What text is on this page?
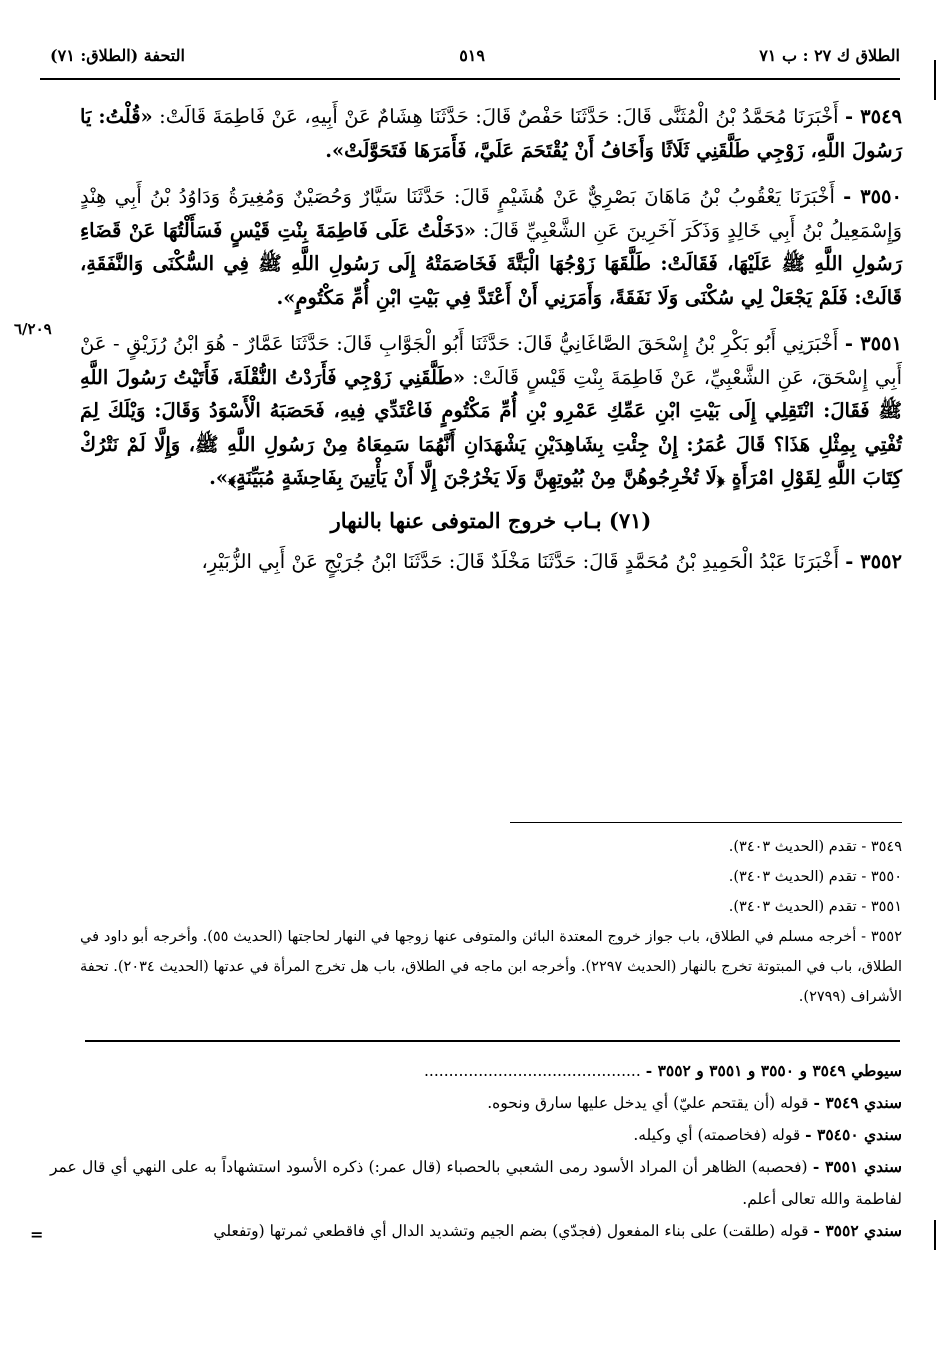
الطلاق ك ٢٧ : ب ٧١
٥١٩
التحفة (الطلاق: ٧١)
٦/٢٠٩

٣٥٤٩ - أَخْبَرَنَا مُحَمَّدُ بْنُ الْمُثَنَّى قَالَ: حَدَّثَنَا حَفْصٌ قَالَ: حَدَّثَنَا هِشَامٌ عَنْ أَبِيهِ، عَنْ فَاطِمَةَ قَالَتْ: «قُلْتُ: يَا رَسُولَ اللَّهِ، زَوْجِي طَلَّقَنِي ثَلَاثًا وَأَخَافُ أَنْ يُقْتَحَمَ عَلَيَّ، فَأَمَرَهَا فَتَحَوَّلَتْ».

٣٥٥٠ - أَخْبَرَنَا يَعْقُوبُ بْنُ مَاهَانَ بَصْرِيٌّ عَنْ هُشَيْمٍ قَالَ: حَدَّثَنَا سَيَّارٌ وَحُصَيْنٌ وَمُغِيرَةُ وَدَاوُدُ بْنُ أَبِي هِنْدٍ وَإِسْمَعِيلُ بْنُ أَبِي خَالِدٍ وَذَكَرَ آخَرِينَ عَنِ الشَّعْبِيِّ قَالَ: «دَخَلْتُ عَلَى فَاطِمَةَ بِنْتِ قَيْسٍ فَسَأَلْتُهَا عَنْ قَضَاءِ رَسُولِ اللَّهِ ﷺ عَلَيْهَا، فَقَالَتْ: طَلَّقَهَا زَوْجُهَا الْبَتَّةَ فَخَاصَمَتْهُ إِلَى رَسُولِ اللَّهِ ﷺ فِي السُّكْنَى وَالنَّفَقَةِ، قَالَتْ: فَلَمْ يَجْعَلْ لِي سُكْنَى وَلَا نَفَقَةً، وَأَمَرَنِي أَنْ أَعْتَدَّ فِي بَيْتِ ابْنِ أُمِّ مَكْتُومٍ».

٣٥٥١ - أَخْبَرَنِي أَبُو بَكْرِ بْنُ إِسْحَقَ الصَّاغَانِيُّ قَالَ: حَدَّثَنَا أَبُو الْجَوَّابِ قَالَ: حَدَّثَنَا عَمَّارٌ - هُوَ ابْنُ رُزَيْقٍ - عَنْ أَبِي إِسْحَقَ، عَنِ الشَّعْبِيِّ، عَنْ فَاطِمَةَ بِنْتِ قَيْسٍ قَالَتْ: «طَلَّقَنِي زَوْجِي فَأَرَدْتُ النُّقْلَةَ، فَأَتَيْتُ رَسُولَ اللَّهِ ﷺ فَقَالَ: انْتَقِلِي إِلَى بَيْتِ ابْنِ عَمِّكِ عَمْرِو بْنِ أُمِّ مَكْتُومٍ فَاعْتَدِّي فِيهِ، فَحَصَبَهُ الْأَسْوَدُ وَقَالَ: وَيْلَكَ لِمَ تُفْتِي بِمِثْلِ هَذَا؟ قَالَ عُمَرُ: إِنْ جِئْتِ بِشَاهِدَيْنِ يَشْهَدَانِ أَنَّهُمَا سَمِعَاهُ مِنْ رَسُولِ اللَّهِ ﷺ، وَإِلَّا لَمْ نَتْرُكْ كِتَابَ اللَّهِ لِقَوْلِ امْرَأَةٍ ﴿لَا تُخْرِجُوهُنَّ مِنْ بُيُوتِهِنَّ وَلَا يَخْرُجْنَ إِلَّا أَنْ يَأْتِينَ بِفَاحِشَةٍ مُبَيِّنَةٍ﴾».

(٧١) بـاب خروج المتوفى عنها بالنهار

٣٥٥٢ - أَخْبَرَنَا عَبْدُ الْحَمِيدِ بْنُ مُحَمَّدٍ قَالَ: حَدَّثَنَا مَخْلَدٌ قَالَ: حَدَّثَنَا ابْنُ جُرَيْجٍ عَنْ أَبِي الزُّبَيْرِ،

٣٥٤٩ - تقدم (الحديث ٣٤٠٣).
٣٥٥٠ - تقدم (الحديث ٣٤٠٣).
٣٥٥١ - تقدم (الحديث ٣٤٠٣).
٣٥٥٢ - أخرجه مسلم في الطلاق، باب جواز خروج المعتدة البائن والمتوفى عنها زوجها في النهار لحاجتها (الحديث ٥٥). وأخرجه أبو داود في الطلاق، باب في المبتوتة تخرج بالنهار (الحديث ٢٢٩٧). وأخرجه ابن ماجه في الطلاق، باب هل تخرج المرأة في عدتها (الحديث ٢٠٣٤). تحفة الأشراف (٢٧٩٩).
سيوطي ٣٥٤٩ و ٣٥٥٠ و ٣٥٥١ و ٣٥٥٢ - ............................................
سندي ٣٥٤٩ - قوله (أن يقتحم عليّ) أي يدخل عليها سارق ونحوه.
سندي ٣٥٤٥٠ - قوله (فخاصمته) أي وكيله.
سندي ٣٥٥١ - (فحصبه) الظاهر أن المراد الأسود رمى الشعبي بالحصباء (قال عمر:) ذكره الأسود استشهاداً به على النهي أي قال عمر لفاطمة والله تعالى أعلم.
سندي ٣٥٥٢ - قوله (طلقت) على بناء المفعول (فجدّي) بضم الجيم وتشديد الدال أي فاقطعي ثمرتها (وتفعلي
=
